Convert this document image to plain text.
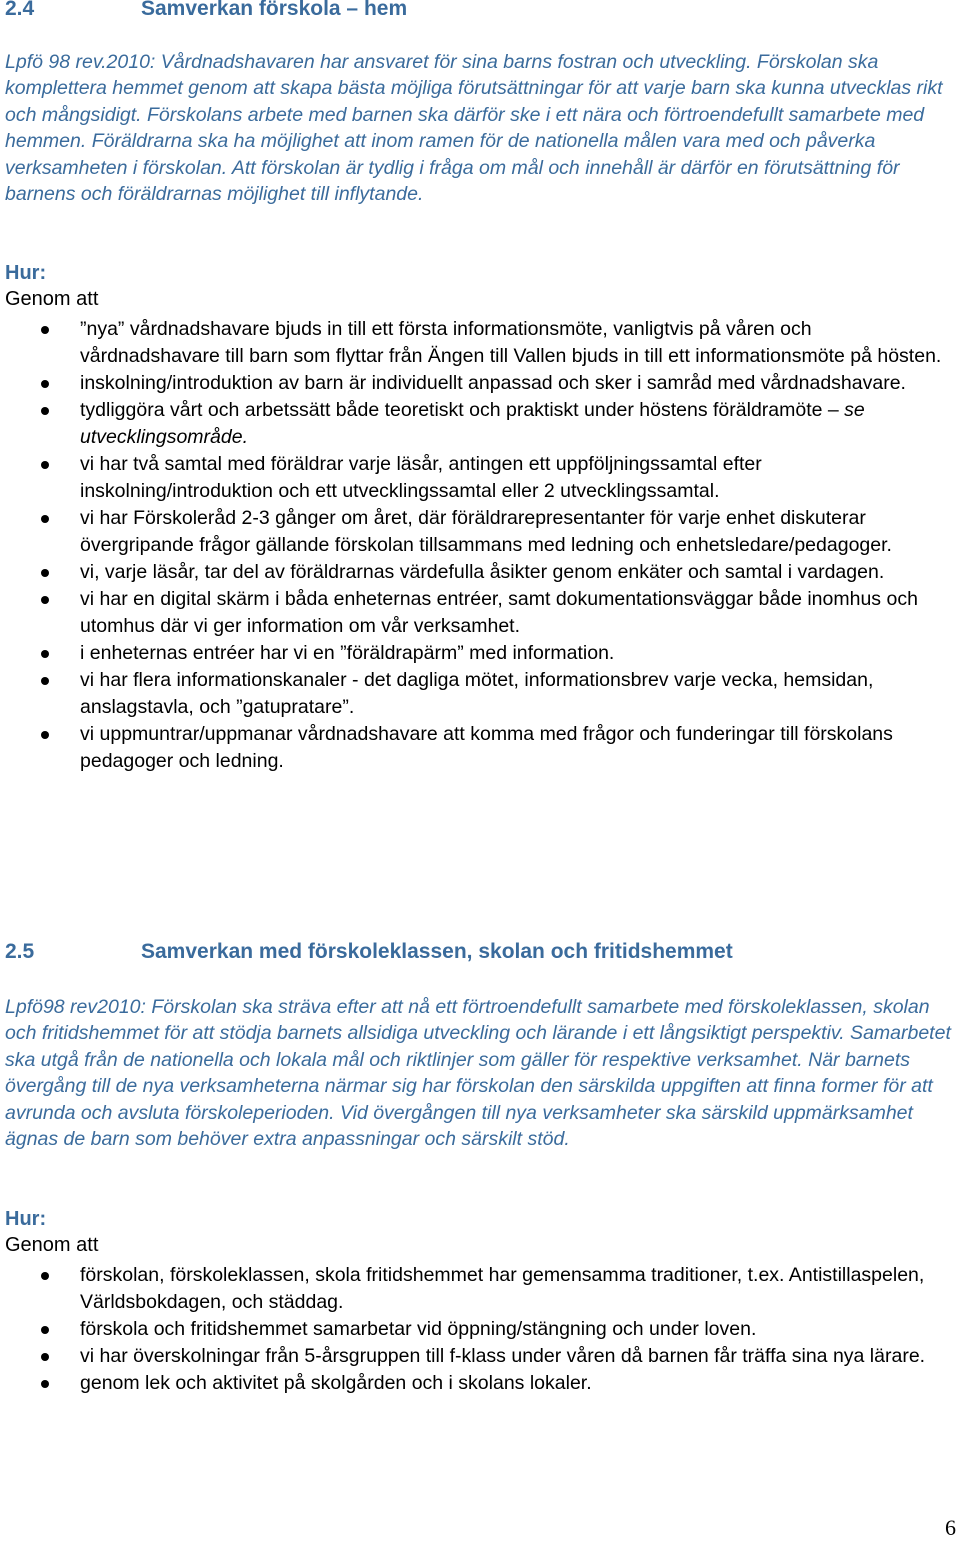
2.4	Samverkan förskola – hem

Lpfö 98 rev.2010: Vårdnadshavaren har ansvaret för sina barns fostran och utveckling. Förskolan ska komplettera hemmet genom att skapa bästa möjliga förutsättningar för att varje barn ska kunna utvecklas rikt och mångsidigt. Förskolans arbete med barnen ska därför ske i ett nära och förtroendefullt samarbete med hemmen. Föräldrarna ska ha möjlighet att inom ramen för de nationella målen vara med och påverka verksamheten i förskolan. Att förskolan är tydlig i fråga om mål och innehåll är därför en förutsättning för barnens och föräldrarnas möjlighet till inflytande.

Hur:

Genom att

”nya” vårdnadshavare bjuds in till ett första informationsmöte, vanligtvis på våren och vårdnadshavare till barn som flyttar från Ängen till Vallen bjuds in till ett informationsmöte på hösten.
inskolning/introduktion av barn är individuellt anpassad och sker i samråd med vårdnadshavare.
tydliggöra vårt och arbetssätt både teoretiskt och praktiskt under höstens föräldramöte – se utvecklingsområde.
vi har två samtal med föräldrar varje läsår, antingen ett uppföljningssamtal efter inskolning/introduktion och ett utvecklingssamtal eller 2 utvecklingssamtal.
vi har Förskoleråd 2-3 gånger om året, där föräldrarepresentanter för varje enhet diskuterar övergripande frågor gällande förskolan tillsammans med ledning och enhetsledare/pedagoger.
vi, varje läsår, tar del av föräldrarnas värdefulla åsikter genom enkäter och samtal i vardagen.
vi har en digital skärm i båda enheternas entréer, samt dokumentationsväggar både inomhus och utomhus där vi ger information om vår verksamhet.
i enheternas entréer har vi en ”föräldrapärm” med information.
vi har flera informationskanaler - det dagliga mötet, informationsbrev varje vecka, hemsidan, anslagstavla, och ”gatupratare”.
vi uppmuntrar/uppmanar vårdnadshavare att komma med frågor och funderingar till förskolans pedagoger och ledning.
2.5	Samverkan med förskoleklassen, skolan och fritidshemmet

Lpfö98 rev2010: Förskolan ska sträva efter att nå ett förtroendefullt samarbete med förskoleklassen, skolan och fritidshemmet för att stödja barnets allsidiga utveckling och lärande i ett långsiktigt perspektiv. Samarbetet ska utgå från de nationella och lokala mål och riktlinjer som gäller för respektive verksamhet. När barnets övergång till de nya verksamheterna närmar sig har förskolan den särskilda uppgiften att finna former för att avrunda och avsluta förskoleperioden. Vid övergången till nya verksamheter ska särskild uppmärksamhet ägnas de barn som behöver extra anpassningar och särskilt stöd.

Hur:

Genom att

förskolan, förskoleklassen, skola fritidshemmet har gemensamma traditioner, t.ex. Antistillaspelen, Världsbokdagen, och städdag.
förskola och fritidshemmet samarbetar vid öppning/stängning och under loven.
vi har överskolningar från 5-årsgruppen till f-klass under våren då barnen får träffa sina nya lärare.
genom lek och aktivitet på skolgården och i skolans lokaler.
6
